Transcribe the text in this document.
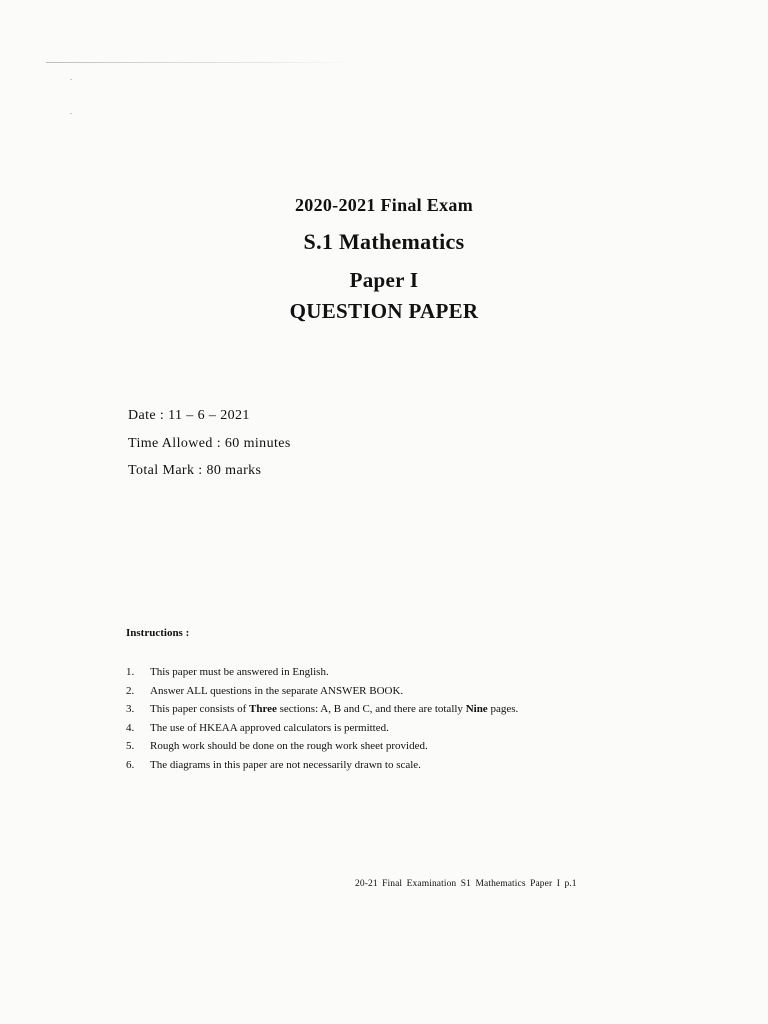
2020-2021 Final Exam
S.1 Mathematics
Paper I
QUESTION PAPER
Date : 11 – 6 – 2021
Time Allowed : 60 minutes
Total Mark : 80 marks
Instructions :
1. This paper must be answered in English.
2. Answer ALL questions in the separate ANSWER BOOK.
3. This paper consists of Three sections: A, B and C, and there are totally Nine pages.
4. The use of HKEAA approved calculators is permitted.
5. Rough work should be done on the rough work sheet provided.
6. The diagrams in this paper are not necessarily drawn to scale.
20-21 Final Examination S1 Mathematics Paper I p.1
